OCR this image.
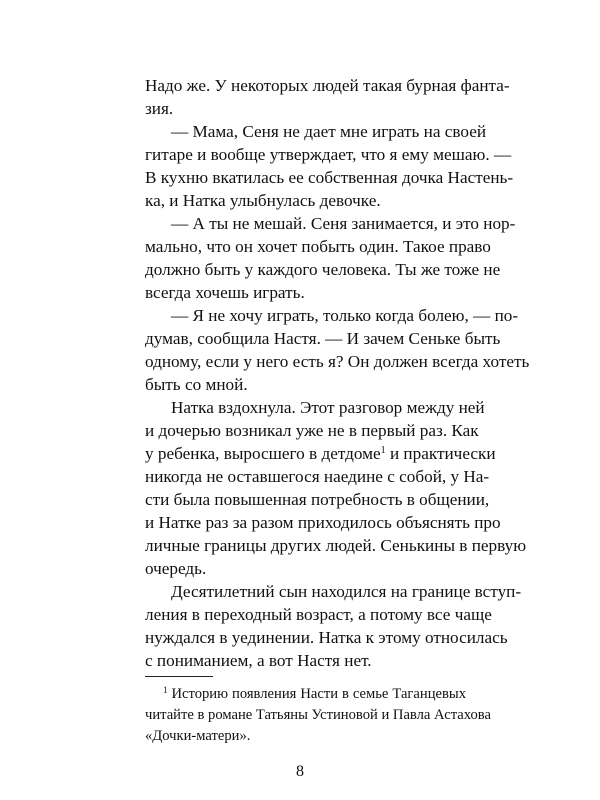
Надо же. У некоторых людей такая бурная фанта-
зия.
— Мама, Сеня не дает мне играть на своей
гитаре и вообще утверждает, что я ему мешаю. —
В кухню вкатилась ее собственная дочка Настень-
ка, и Натка улыбнулась девочке.
— А ты не мешай. Сеня занимается, и это нор-
мально, что он хочет побыть один. Такое право
должно быть у каждого человека. Ты же тоже не
всегда хочешь играть.
— Я не хочу играть, только когда болею, — по-
думав, сообщила Настя. — И зачем Сеньке быть
одному, если у него есть я? Он должен всегда хотеть
быть со мной.
Натка вздохнула. Этот разговор между ней
и дочерью возникал уже не в первый раз. Как
у ребенка, выросшего в детдоме$^1$ и практически
никогда не оставшегося наедине с собой, у На-
сти была повышенная потребность в общении,
и Натке раз за разом приходилось объяснять про
личные границы других людей. Сенькины в первую
очередь.
Десятилетний сын находился на границе вступ-
ления в переходный возраст, а потому все чаще
нуждался в уединении. Натка к этому относилась
с пониманием, а вот Настя нет.
$^1$ Историю появления Насти в семье Таганцевых
читайте в романе Татьяны Устиновой и Павла Астахова
«Дочки-матери».
8
